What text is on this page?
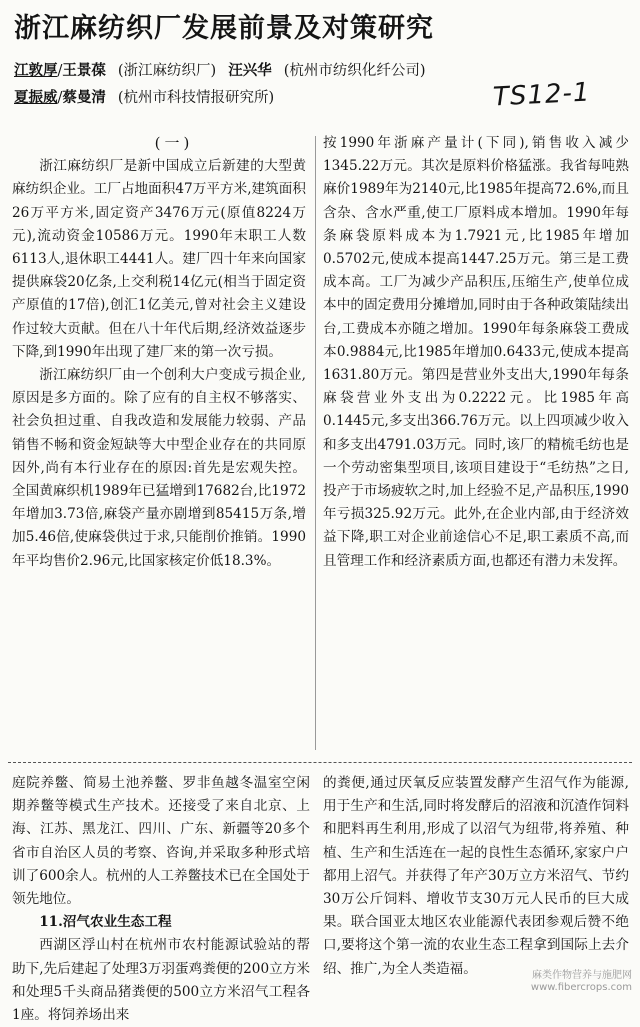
浙江麻纺织厂发展前景及对策研究
江敦厚/王景葆 (浙江麻纺织厂) 汪兴华 (杭州市纺织化纤公司)
夏振威/蔡曼清 (杭州市科技情报研究所)	TS12-1

(一)

浙江麻纺织厂是新中国成立后新建的大型黄麻纺织企业。工厂占地面积47万平方米,建筑面积26万平方米,固定资产3476万元(原值8224万元),流动资金10586万元。1990年末职工人数6113人,退休职工4441人。建厂四十年来向国家提供麻袋20亿条,上交利税14亿元(相当于固定资产原值的17倍),创汇1亿美元,曾对社会主义建设作过较大贡献。但在八十年代后期,经济效益逐步下降,到1990年出现了建厂来的第一次亏损。

浙江麻纺织厂由一个创利大户变成亏损企业,原因是多方面的。除了应有的自主权不够落实、社会负担过重、自我改造和发展能力较弱、产品销售不畅和资金短缺等大中型企业存在的共同原因外,尚有本行业存在的原因:首先是宏观失控。全国黄麻织机1989年已猛增到17682台,比1972年增加3.73倍,麻袋产量亦剧增到85415万条,增加5.46倍,使麻袋供过于求,只能削价推销。1990年平均售价2.96元,比国家核定价低18.3%。

按1990年浙麻产量计(下同),销售收入减少1345.22万元。其次是原料价格猛涨。我省每吨熟麻价1989年为2140元,比1985年提高72.6%,而且含杂、含水严重,使工厂原料成本增加。1990年每条麻袋原料成本为1.7921元,比1985年增加0.5702元,使成本提高1447.25万元。第三是工费成本高。工厂为减少产品积压,压缩生产,使单位成本中的固定费用分摊增加,同时由于各种政策陆续出台,工费成本亦随之增加。1990年每条麻袋工费成本0.9884元,比1985年增加0.6433元,使成本提高1631.80万元。第四是营业外支出大,1990年每条麻袋营业外支出为0.2222元。比1985年高0.1445元,多支出366.76万元。以上四项减少收入和多支出4791.03万元。同时,该厂的精梳毛纺也是一个劳动密集型项目,该项目建设于“毛纺热”之日,投产于市场疲软之时,加上经验不足,产品积压,1990年亏损325.92万元。此外,在企业内部,由于经济效益下降,职工对企业前途信心不足,职工素质不高,而且管理工作和经济素质方面,也都还有潜力未发挥。

庭院养鳖、简易土池养鳖、罗非鱼越冬温室空闲期养鳖等模式生产技术。还接受了来自北京、上海、江苏、黑龙江、四川、广东、新疆等20多个省市自治区人员的考察、咨询,并采取多种形式培训了600余人。杭州的人工养鳖技术已在全国处于领先地位。

11.沼气农业生态工程

西湖区浮山村在杭州市农村能源试验站的帮助下,先后建起了处理3万羽蛋鸡粪便的200立方米和处理5千头商品猪粪便的500立方米沼气工程各1座。将饲养场出来

的粪便,通过厌氧反应装置发酵产生沼气作为能源,用于生产和生活,同时将发酵后的沼液和沉渣作饲料和肥料再生利用,形成了以沼气为纽带,将养殖、种植、生产和生活连在一起的良性生态循环,家家户户都用上沼气。并获得了年产30万立方米沼气、节约30万公斤饲料、增收节支30万元人民币的巨大成果。联合国亚太地区农业能源代表团参观后赞不绝口,要将这个第一流的农业生态工程拿到国际上去介绍、推广,为全人类造福。	麻类作物营养与施肥网
www.fibercrops.com
